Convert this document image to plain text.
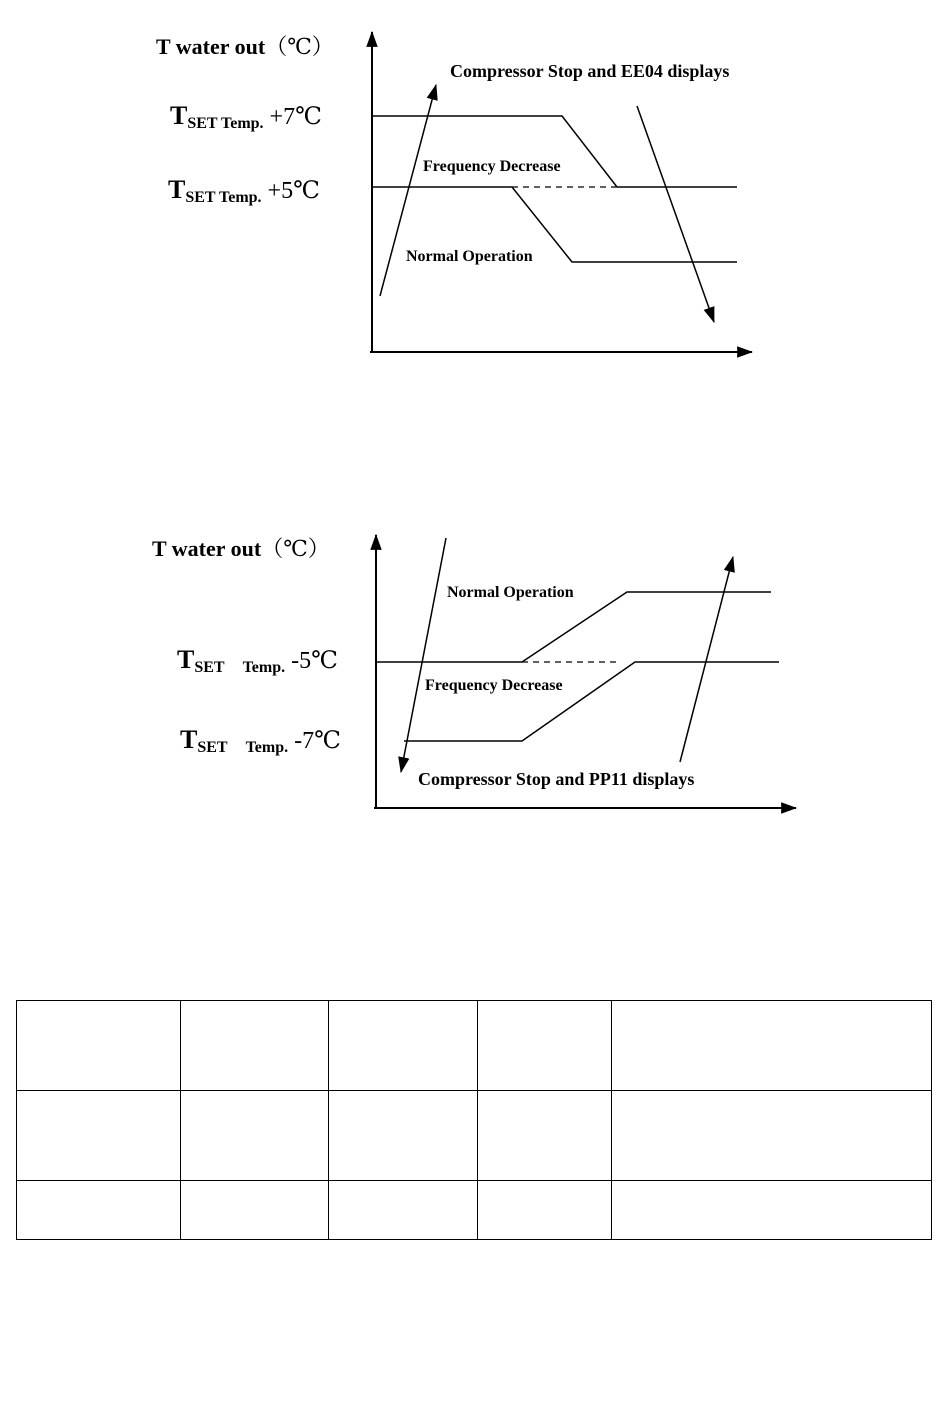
T water out（℃）
TSET Temp. +7℃
TSET Temp. +5℃
Compressor Stop and EE04 displays
Frequency Decrease
Normal Operation
T water out（℃）
TSET Temp. -5℃
TSET Temp. -7℃
Normal Operation
Frequency Decrease
Compressor Stop and PP11 displays
